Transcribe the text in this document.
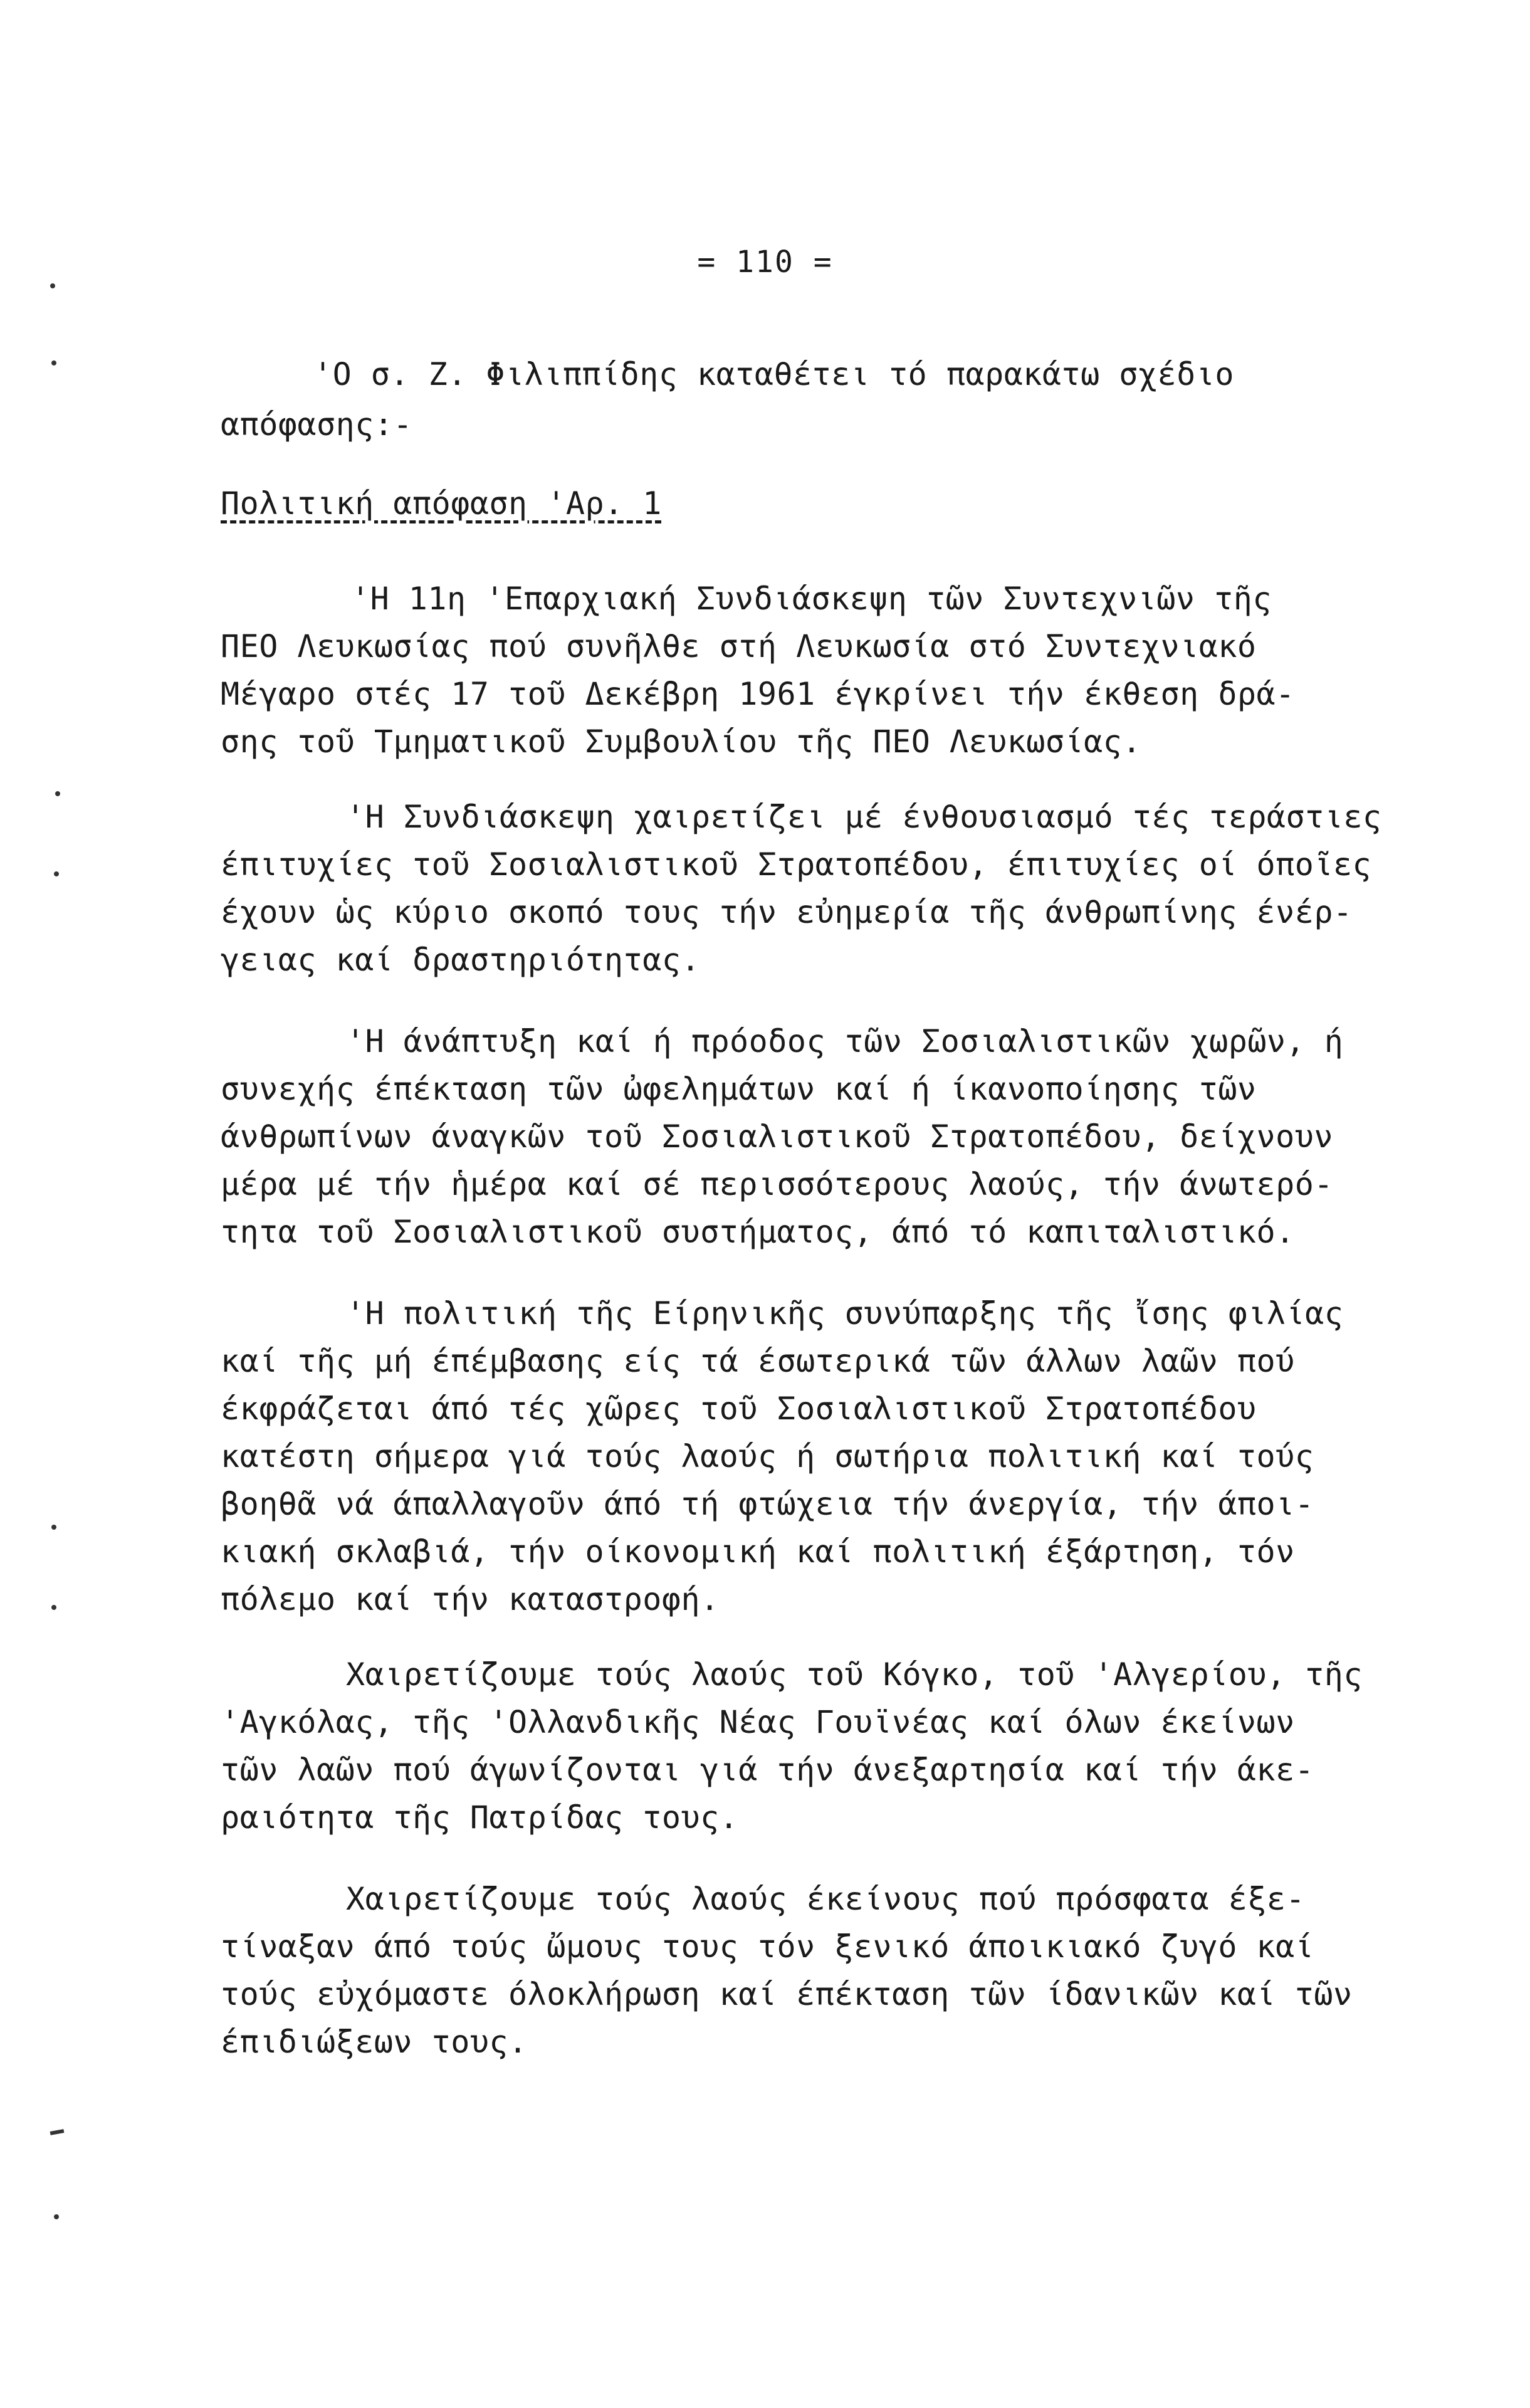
= 110 =
'Ο σ. Ζ. Φιλιππίδης καταθέτει τό παρακάτω σχέδιο
απόφασης:-
Πολιτική απόφαση 'Αρ. 1
'Η 11η 'Επαρχιακή Συνδιάσκεψη τῶν Συντεχνιῶν τῆς
ΠΕΟ Λευκωσίας πού συνῆλθε στή Λευκωσία στό Συντεχνιακό
Μέγαρο στές 17 τοῦ Δεκέβρη 1961 έγκρίνει τήν έκθεση δρά-
σης τοῦ Τμηματικοῦ Συμβουλίου τῆς ΠΕΟ Λευκωσίας.
'Η Συνδιάσκεψη χαιρετίζει μέ ένθουσιασμό τές τεράστιες
έπιτυχίες τοῦ Σοσιαλιστικοῦ Στρατοπέδου, έπιτυχίες οί όποῖες
έχουν ὡς κύριο σκοπό τους τήν εὐημερία τῆς άνθρωπίνης ένέρ-
γειας καί δραστηριότητας.
'Η άνάπτυξη καί ή πρόοδος τῶν Σοσιαλιστικῶν χωρῶν, ή
συνεχής έπέκταση τῶν ὠφελημάτων καί ή ίκανοποίησης τῶν
άνθρωπίνων άναγκῶν τοῦ Σοσιαλιστικοῦ Στρατοπέδου, δείχνουν
μέρα μέ τήν ἡμέρα καί σέ περισσότερους λαούς, τήν άνωτερό-
τητα τοῦ Σοσιαλιστικοῦ συστήματος, άπό τό καπιταλιστικό.
'Η πολιτική τῆς Είρηνικῆς συνύπαρξης τῆς ἴσης φιλίας
καί τῆς μή έπέμβασης είς τά έσωτερικά τῶν άλλων λαῶν πού
έκφράζεται άπό τές χῶρες τοῦ Σοσιαλιστικοῦ Στρατοπέδου
κατέστη σήμερα γιά τούς λαούς ή σωτήρια πολιτική καί τούς
βοηθᾶ νά άπαλλαγοῦν άπό τή φτώχεια τήν άνεργία, τήν άποι-
κιακή σκλαβιά, τήν οίκονομική καί πολιτική έξάρτηση, τόν
πόλεμο καί τήν καταστροφή.
Χαιρετίζουμε τούς λαούς τοῦ Κόγκο, τοῦ 'Αλγερίου, τῆς
'Αγκόλας, τῆς 'Ολλανδικῆς Νέας Γουϊνέας καί όλων έκείνων
τῶν λαῶν πού άγωνίζονται γιά τήν άνεξαρτησία καί τήν άκε-
ραιότητα τῆς Πατρίδας τους.
Χαιρετίζουμε τούς λαούς έκείνους πού πρόσφατα έξε-
τίναξαν άπό τούς ὤμους τους τόν ξενικό άποικιακό ζυγό καί
τούς εὐχόμαστε όλοκλήρωση καί έπέκταση τῶν ίδανικῶν καί τῶν
έπιδιώξεων τους.
